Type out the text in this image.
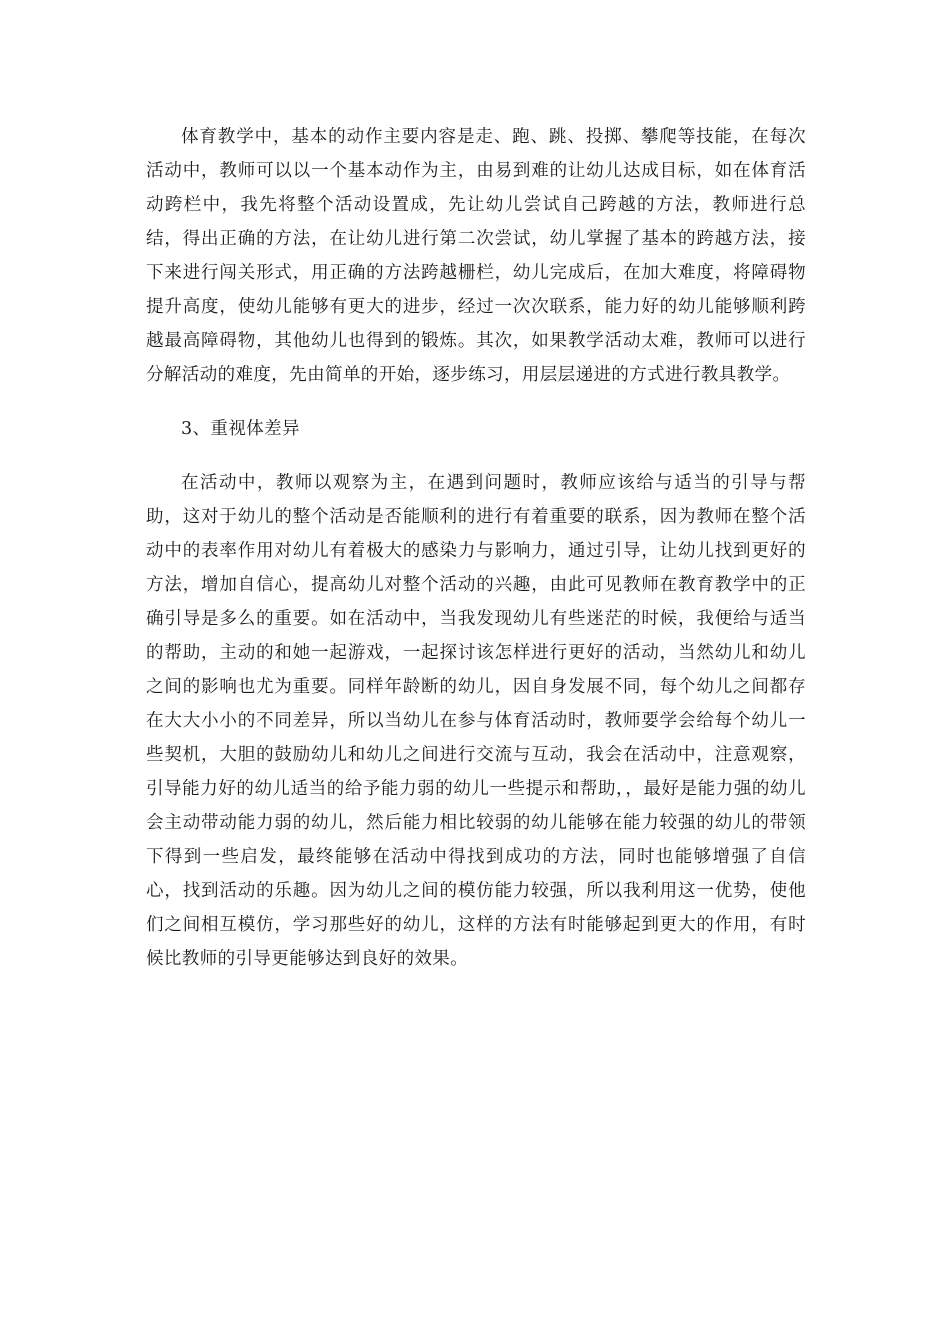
体育教学中，基本的动作主要内容是走、跑、跳、投掷、攀爬等技能，在每次活动中，教师可以以一个基本动作为主，由易到难的让幼儿达成目标，如在体育活动跨栏中，我先将整个活动设置成，先让幼儿尝试自己跨越的方法，教师进行总结，得出正确的方法，在让幼儿进行第二次尝试，幼儿掌握了基本的跨越方法，接下来进行闯关形式，用正确的方法跨越栅栏，幼儿完成后，在加大难度，将障碍物提升高度，使幼儿能够有更大的进步，经过一次次联系，能力好的幼儿能够顺利跨越最高障碍物，其他幼儿也得到的锻炼。其次，如果教学活动太难，教师可以进行分解活动的难度，先由简单的开始，逐步练习，用层层递进的方式进行教具教学。

3、重视体差异

在活动中，教师以观察为主，在遇到问题时，教师应该给与适当的引导与帮助，这对于幼儿的整个活动是否能顺利的进行有着重要的联系，因为教师在整个活动中的表率作用对幼儿有着极大的感染力与影响力，通过引导，让幼儿找到更好的方法，增加自信心，提高幼儿对整个活动的兴趣，由此可见教师在教育教学中的正确引导是多么的重要。如在活动中，当我发现幼儿有些迷茫的时候，我便给与适当的帮助，主动的和她一起游戏，一起探讨该怎样进行更好的活动，当然幼儿和幼儿之间的影响也尤为重要。同样年龄断的幼儿，因自身发展不同，每个幼儿之间都存在大大小小的不同差异，所以当幼儿在参与体育活动时，教师要学会给每个幼儿一些契机，大胆的鼓励幼儿和幼儿之间进行交流与互动，我会在活动中，注意观察，引导能力好的幼儿适当的给予能力弱的幼儿一些提示和帮助，，最好是能力强的幼儿会主动带动能力弱的幼儿，然后能力相比较弱的幼儿能够在能力较强的幼儿的带领下得到一些启发，最终能够在活动中得找到成功的方法，同时也能够增强了自信心，找到活动的乐趣。因为幼儿之间的模仿能力较强，所以我利用这一优势，使他们之间相互模仿，学习那些好的幼儿，这样的方法有时能够起到更大的作用，有时候比教师的引导更能够达到良好的效果。
